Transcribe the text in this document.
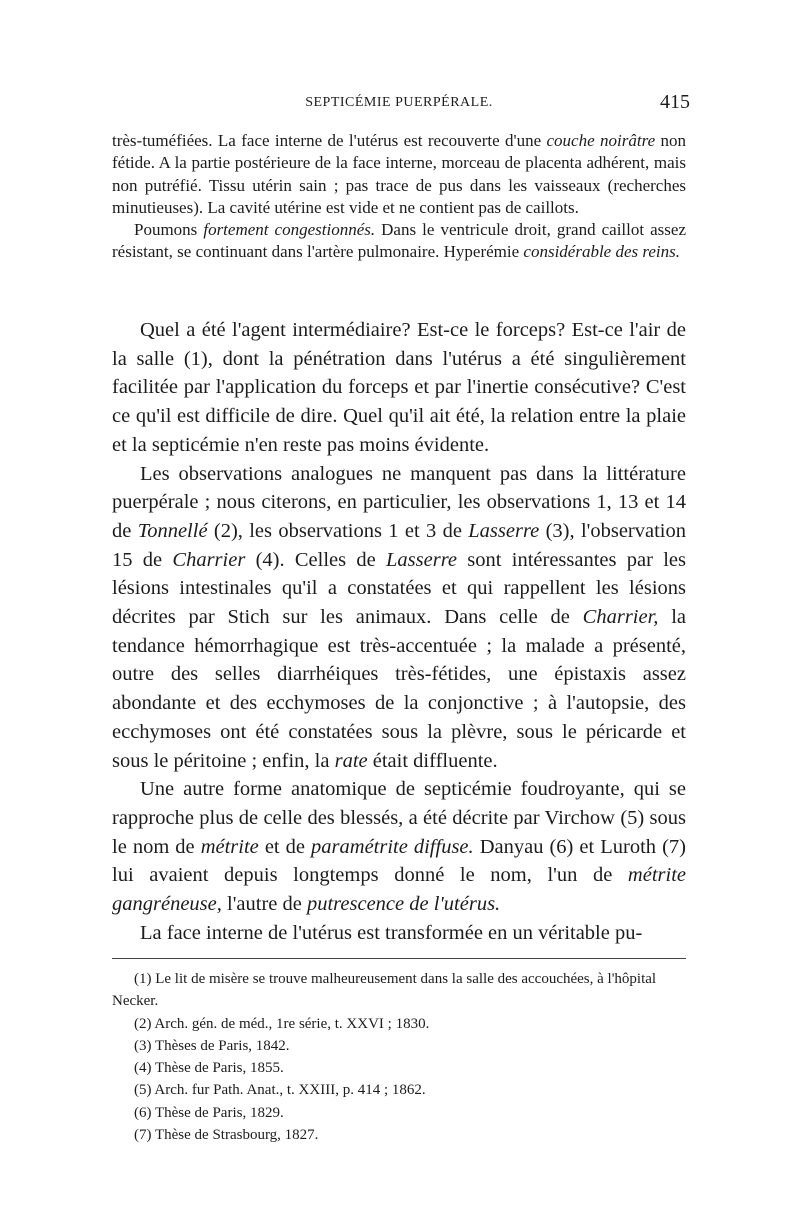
SEPTICÉMIE PUERPÉRALE.	415

très-tuméfiées. La face interne de l'utérus est recouverte d'une couche noirâtre non fétide. A la partie postérieure de la face interne, morceau de placenta adhérent, mais non putréfié. Tissu utérin sain ; pas trace de pus dans les vaisseaux (recherches minutieuses). La cavité utérine est vide et ne contient pas de caillots.

Poumons fortement congestionnés. Dans le ventricule droit, grand caillot assez résistant, se continuant dans l'artère pulmonaire. Hyperémie considérable des reins.

Quel a été l'agent intermédiaire? Est-ce le forceps? Est-ce l'air de la salle (1), dont la pénétration dans l'utérus a été singulièrement facilitée par l'application du forceps et par l'inertie consécutive? C'est ce qu'il est difficile de dire. Quel qu'il ait été, la relation entre la plaie et la septicémie n'en reste pas moins évidente.

Les observations analogues ne manquent pas dans la littérature puerpérale ; nous citerons, en particulier, les observations 1, 13 et 14 de Tonnellé (2), les observations 1 et 3 de Lasserre (3), l'observation 15 de Charrier (4). Celles de Lasserre sont intéressantes par les lésions intestinales qu'il a constatées et qui rappellent les lésions décrites par Stich sur les animaux. Dans celle de Charrier, la tendance hémorrhagique est très-accentuée ; la malade a présenté, outre des selles diarrhéiques très-fétides, une épistaxis assez abondante et des ecchymoses de la conjonctive ; à l'autopsie, des ecchymoses ont été constatées sous la plèvre, sous le péricarde et sous le péritoine ; enfin, la rate était diffluente.

Une autre forme anatomique de septicémie foudroyante, qui se rapproche plus de celle des blessés, a été décrite par Virchow (5) sous le nom de métrite et de paramétrite diffuse. Danyau (6) et Luroth (7) lui avaient depuis longtemps donné le nom, l'un de métrite gangréneuse, l'autre de putrescence de l'utérus.

La face interne de l'utérus est transformée en un véritable pu-

(1) Le lit de misère se trouve malheureusement dans la salle des accouchées, à l'hôpital Necker.

(2) Arch. gén. de méd., 1re série, t. XXVI ; 1830.

(3) Thèses de Paris, 1842.

(4) Thèse de Paris, 1855.

(5) Arch. fur Path. Anat., t. XXIII, p. 414 ; 1862.

(6) Thèse de Paris, 1829.

(7) Thèse de Strasbourg, 1827.
